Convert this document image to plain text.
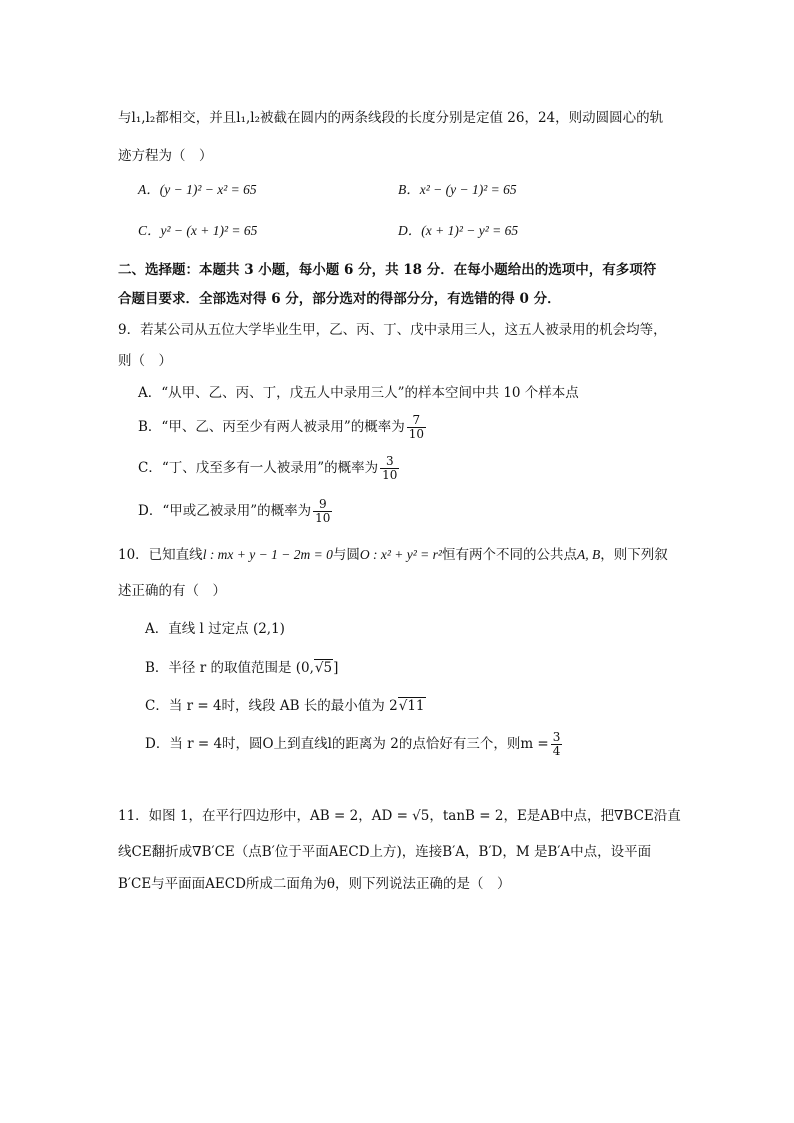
与l₁,l₂都相交，并且l₁,l₂被截在圆内的两条线段的长度分别是定值 26，24，则动圆圆心的轨
迹方程为（　）
A．(y − 1)² − x² = 65	B．x² − (y − 1)² = 65
C．y² − (x + 1)² = 65	D．(x + 1)² − y² = 65
二、选择题：本题共 3 小题，每小题 6 分，共 18 分．在每小题给出的选项中，有多项符
合题目要求．全部选对得 6 分，部分选对的得部分分，有选错的得 0 分．
9．若某公司从五位大学毕业生甲，乙、丙、丁、戊中录用三人，这五人被录用的机会均等，
则（　）
A．“从甲、乙、丙、丁，戊五人中录用三人”的样本空间中共 10 个样本点
B．“甲、乙、丙至少有两人被录用”的概率为 $\frac{7}{10}$
C．“丁、戊至多有一人被录用”的概率为 $\frac{3}{10}$
D．“甲或乙被录用”的概率为 $\frac{9}{10}$
10．已知直线l : mx + y − 1 − 2m = 0与圆O : x² + y² = r²恒有两个不同的公共点A, B，则下列叙
述正确的有（　）
A．直线 l 过定点 (2,1)
B．半径 r 的取值范围是 (0,√5]
C．当 r = 4时，线段 AB 长的最小值为 2√11
D．当 r = 4时，圆O上到直线l的距离为 2的点恰好有三个，则$m = \frac{3}{4}$
11．如图 1，在平行四边形中，AB = 2，AD = √5，tanB = 2，E是AB中点，把∇BCE沿直
线CE翻折成∇B′CE（点B′位于平面AECD上方)，连接B′A，B′D，M 是B′A中点，设平面
B′CE与平面面AECD所成二面角为θ，则下列说法正确的是（　）
